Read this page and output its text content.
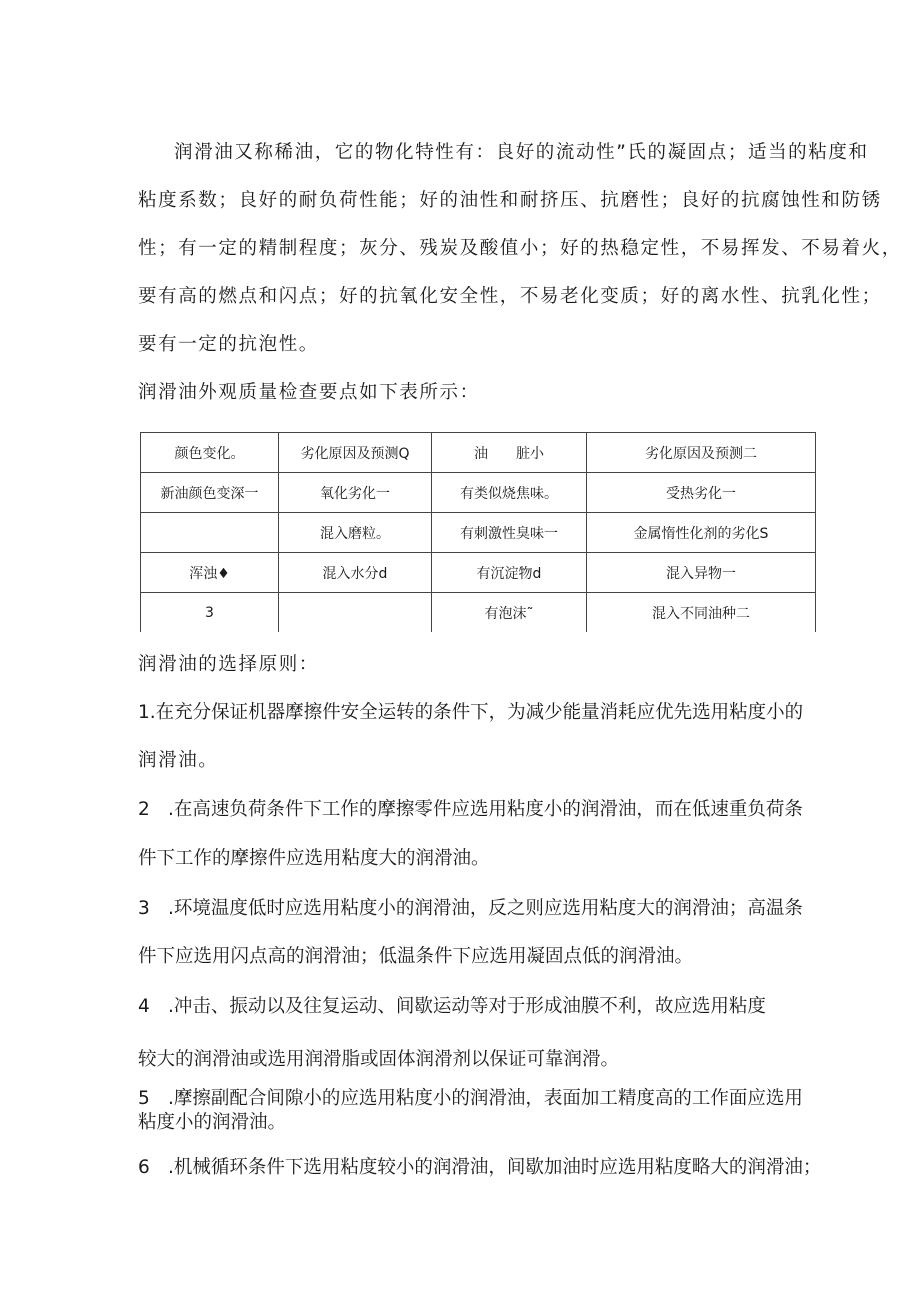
润滑油又称稀油，它的物化特性有：良好的流动性”氏的凝固点；适当的粘度和

粘度系数；良好的耐负荷性能；好的油性和耐挤压、抗磨性；良好的抗腐蚀性和防锈

性；有一定的精制程度；灰分、残炭及酸值小；好的热稳定性，不易挥发、不易着火，

要有高的燃点和闪点；好的抗氧化安全性，不易老化变质；好的离水性、抗乳化性；

要有一定的抗泡性。

润滑油外观质量检查要点如下表所示：

颜色变化。	劣化原因及预测Q	油　　脏小	劣化原因及预测二
新油颜色变深一	氧化劣化一	有类似烧焦味。	受热劣化一
	混入磨粒。	有刺激性臭味一	金属惰性化剂的劣化S
浑浊♦	混入水分d	有沉淀物d	混入异物一
3		有泡沫˜	混入不同油种二

润滑油的选择原则：

1.在充分保证机器摩擦件安全运转的条件下，为减少能量消耗应优先选用粘度小的

润滑油。

2 .在高速负荷条件下工作的摩擦零件应选用粘度小的润滑油，而在低速重负荷条

件下工作的摩擦件应选用粘度大的润滑油。

3 .环境温度低时应选用粘度小的润滑油，反之则应选用粘度大的润滑油；高温条

件下应选用闪点高的润滑油；低温条件下应选用凝固点低的润滑油。

4 .冲击、振动以及往复运动、间歇运动等对于形成油膜不利，故应选用粘度

较大的润滑油或选用润滑脂或固体润滑剂以保证可靠润滑。

5 .摩擦副配合间隙小的应选用粘度小的润滑油，表面加工精度高的工作面应选用

粘度小的润滑油。

6 .机械循环条件下选用粘度较小的润滑油，间歇加油时应选用粘度略大的润滑油；
